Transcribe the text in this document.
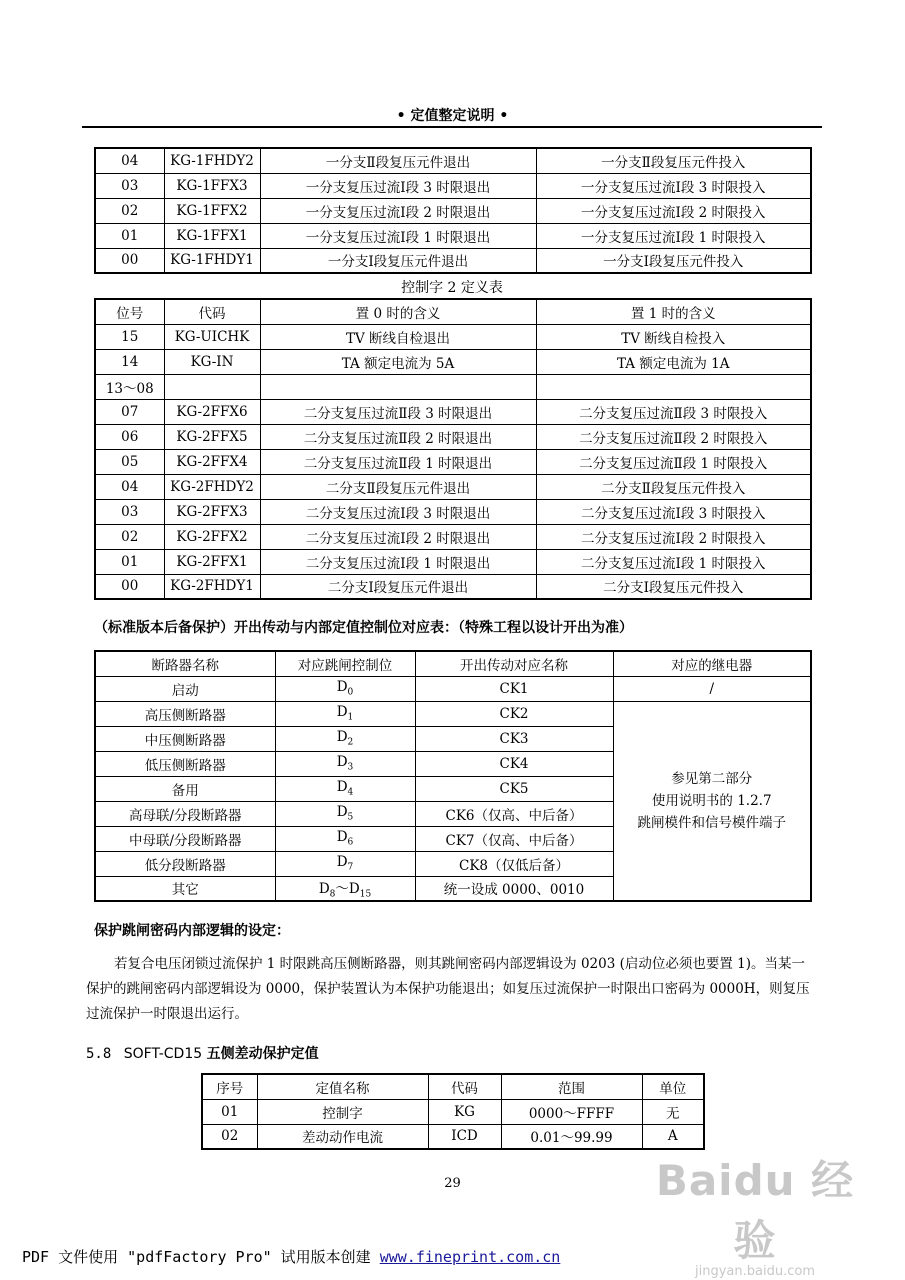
• 定值整定说明 •
04	KG-1FHDY2	一分支Ⅱ段复压元件退出	一分支Ⅱ段复压元件投入
03	KG-1FFX3	一分支复压过流Ⅰ段 3 时限退出	一分支复压过流Ⅰ段 3 时限投入
02	KG-1FFX2	一分支复压过流Ⅰ段 2 时限退出	一分支复压过流Ⅰ段 2 时限投入
01	KG-1FFX1	一分支复压过流Ⅰ段 1 时限退出	一分支复压过流Ⅰ段 1 时限投入
00	KG-1FHDY1	一分支Ⅰ段复压元件退出	一分支Ⅰ段复压元件投入
控制字 2 定义表
位号	代码	置 0 时的含义	置 1 时的含义
15	KG-UICHK	TV 断线自检退出	TV 断线自检投入
14	KG-IN	TA 额定电流为 5A	TA 额定电流为 1A
13～08			
07	KG-2FFX6	二分支复压过流Ⅱ段 3 时限退出	二分支复压过流Ⅱ段 3 时限投入
06	KG-2FFX5	二分支复压过流Ⅱ段 2 时限退出	二分支复压过流Ⅱ段 2 时限投入
05	KG-2FFX4	二分支复压过流Ⅱ段 1 时限退出	二分支复压过流Ⅱ段 1 时限投入
04	KG-2FHDY2	二分支Ⅱ段复压元件退出	二分支Ⅱ段复压元件投入
03	KG-2FFX3	二分支复压过流Ⅰ段 3 时限退出	二分支复压过流Ⅰ段 3 时限投入
02	KG-2FFX2	二分支复压过流Ⅰ段 2 时限退出	二分支复压过流Ⅰ段 2 时限投入
01	KG-2FFX1	二分支复压过流Ⅰ段 1 时限退出	二分支复压过流Ⅰ段 1 时限投入
00	KG-2FHDY1	二分支Ⅰ段复压元件退出	二分支Ⅰ段复压元件投入
（标准版本后备保护）开出传动与内部定值控制位对应表：（特殊工程以设计开出为准）
断路器名称	对应跳闸控制位	开出传动对应名称	对应的继电器
启动	$D_0$	CK1	/
高压侧断路器	$D_1$	CK2	参见第二部分
使用说明书的 1.2.7
跳闸模件和信号模件端子

中压侧断路器	$D_2$	CK3	
低压侧断路器	$D_3$	CK4	
备用	$D_4$	CK5	
高母联/分段断路器	$D_5$	CK6（仅高、中后备）	
中母联/分段断路器	$D_6$	CK7（仅高、中后备）	
低分段断路器	$D_7$	CK8（仅低后备）	
其它	$D_8\sim D_{15}$	统一设成 0000、0010	
保护跳闸密码内部逻辑的设定：
若复合电压闭锁过流保护 1 时限跳高压侧断路器，则其跳闸密码内部逻辑设为 0203 (启动位必须也要置 1)。当某一保护的跳闸密码内部逻辑设为 0000，保护装置认为本保护功能退出；如复压过流保护一时限出口密码为 0000H，则复压过流保护一时限退出运行。
5.8 SOFT-CD15 五侧差动保护定值
序号	定值名称	代码	范围	单位
01	控制字	KG	0000～FFFF	无
02	差动动作电流	ICD	0.01～99.99	A
29	Baidu 经验
jingyan.baidu.com
PDF 文件使用 "pdfFactory Pro" 试用版本创建 www.fineprint.com.cn
